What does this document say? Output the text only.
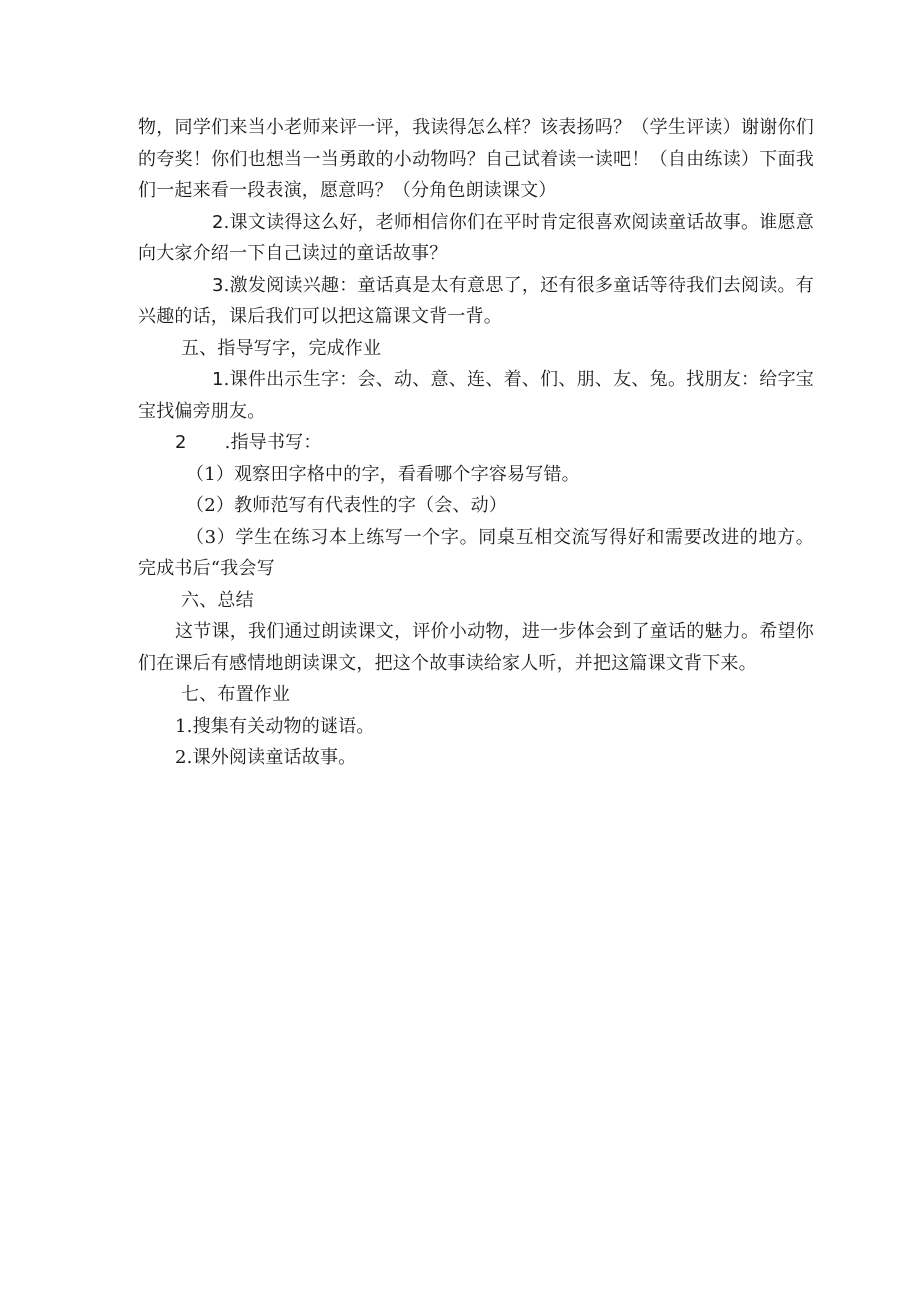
物，同学们来当小老师来评一评，我读得怎么样？该表扬吗？（学生评读）谢谢你们的夸奖！你们也想当一当勇敢的小动物吗？自己试着读一读吧！（自由练读）下面我们一起来看一段表演，愿意吗？（分角色朗读课文）

2.课文读得这么好，老师相信你们在平时肯定很喜欢阅读童话故事。谁愿意向大家介绍一下自己读过的童话故事？

3.激发阅读兴趣：童话真是太有意思了，还有很多童话等待我们去阅读。有兴趣的话，课后我们可以把这篇课文背一背。

五、指导写字，完成作业

1.课件出示生字：会、动、意、连、着、们、朋、友、兔。找朋友：给字宝宝找偏旁朋友。

2 .指导书写：

（1）观察田字格中的字，看看哪个字容易写错。

（2）教师范写有代表性的字（会、动）

（3）学生在练习本上练写一个字。同桌互相交流写得好和需要改进的地方。完成书后“我会写

六、总结

这节课，我们通过朗读课文，评价小动物，进一步体会到了童话的魅力。希望你们在课后有感情地朗读课文，把这个故事读给家人听，并把这篇课文背下来。

七、布置作业

1.搜集有关动物的谜语。

2.课外阅读童话故事。
